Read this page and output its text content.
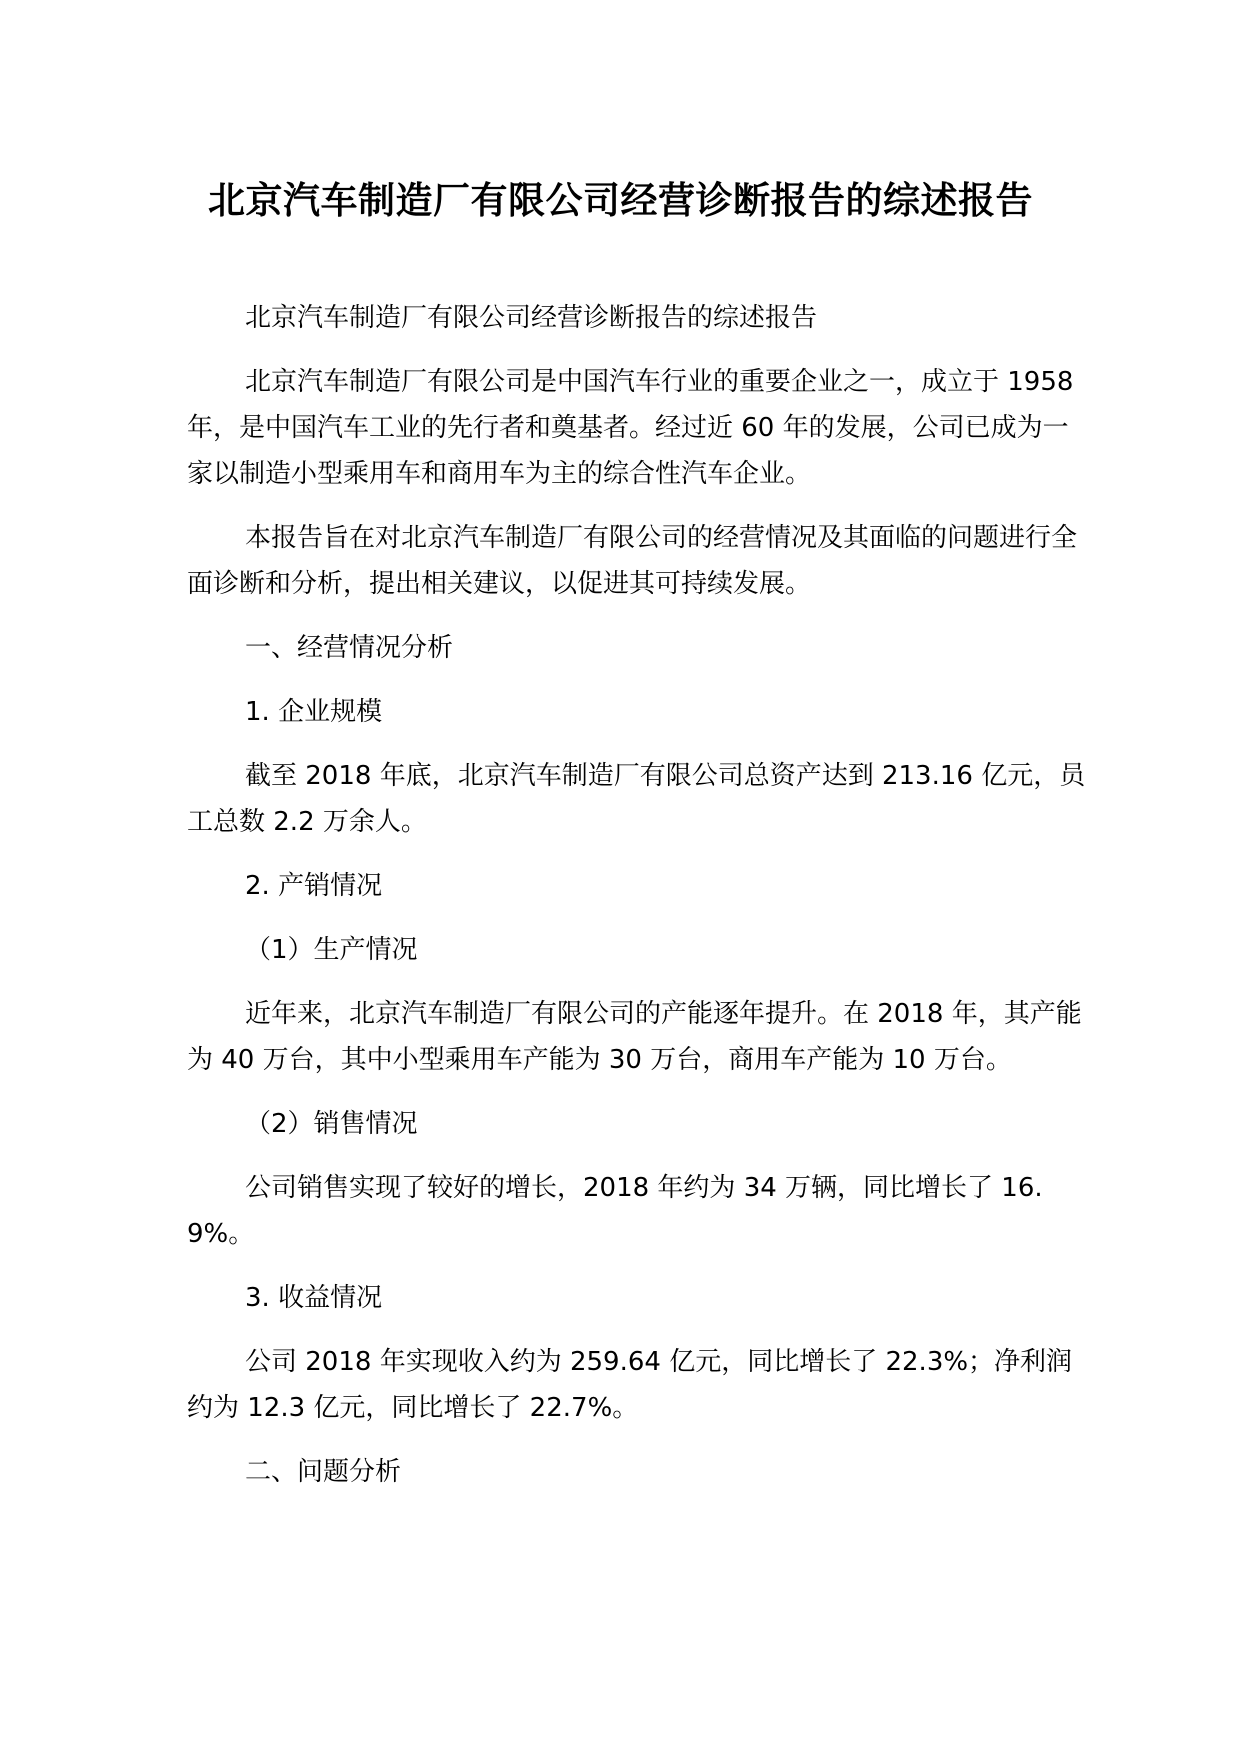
北京汽车制造厂有限公司经营诊断报告的综述报告

北京汽车制造厂有限公司经营诊断报告的综述报告

北京汽车制造厂有限公司是中国汽车行业的重要企业之一，成立于 1958 年，是中国汽车工业的先行者和奠基者。经过近 60 年的发展，公司已成为一家以制造小型乘用车和商用车为主的综合性汽车企业。

本报告旨在对北京汽车制造厂有限公司的经营情况及其面临的问题进行全面诊断和分析，提出相关建议，以促进其可持续发展。

一、经营情况分析

1. 企业规模

截至 2018 年底，北京汽车制造厂有限公司总资产达到 213.16 亿元，员工总数 2.2 万余人。

2. 产销情况

（1）生产情况

近年来，北京汽车制造厂有限公司的产能逐年提升。在 2018 年，其产能为 40 万台，其中小型乘用车产能为 30 万台，商用车产能为 10 万台。

（2）销售情况

公司销售实现了较好的增长，2018 年约为 34 万辆，同比增长了 16.9%。

3. 收益情况

公司 2018 年实现收入约为 259.64 亿元，同比增长了 22.3%；净利润约为 12.3 亿元，同比增长了 22.7%。

二、问题分析
